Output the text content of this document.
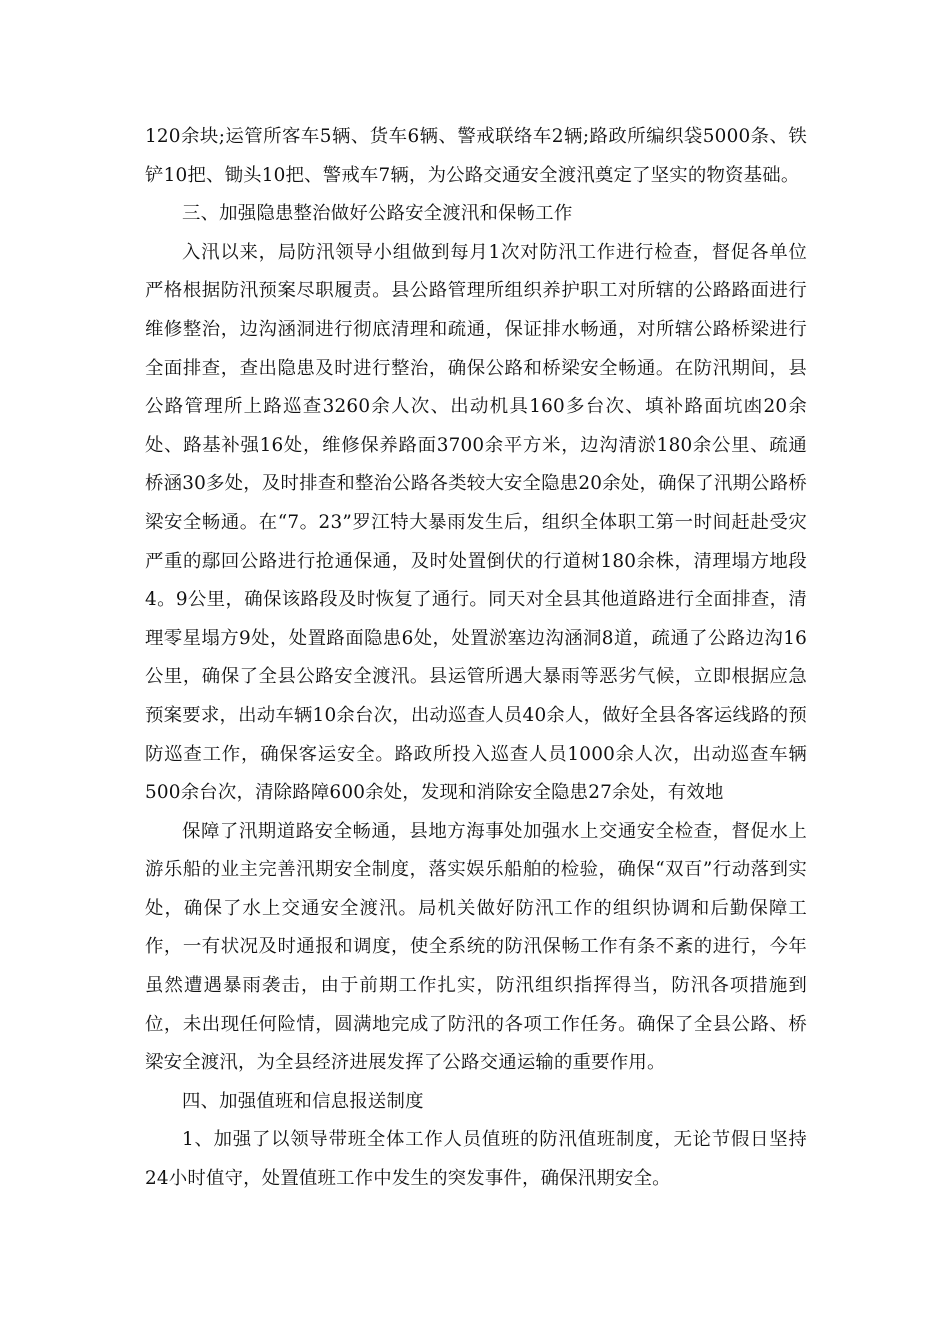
120余块;运管所客车5辆、货车6辆、警戒联络车2辆;路政所编织袋5000条、铁铲10把、锄头10把、警戒车7辆，为公路交通安全渡汛奠定了坚实的物资基础。

三、加强隐患整治做好公路安全渡汛和保畅工作

入汛以来，局防汛领导小组做到每月1次对防汛工作进行检查，督促各单位严格根据防汛预案尽职履责。县公路管理所组织养护职工对所辖的公路路面进行维修整治，边沟涵洞进行彻底清理和疏通，保证排水畅通，对所辖公路桥梁进行全面排查，查出隐患及时进行整治，确保公路和桥梁安全畅通。在防汛期间，县公路管理所上路巡查3260余人次、出动机具160多台次、填补路面坑凼20余处、路基补强16处，维修保养路面3700余平方米，边沟清淤180余公里、疏通桥涵30多处，及时排查和整治公路各类较大安全隐患20余处，确保了汛期公路桥梁安全畅通。在“7。23”罗江特大暴雨发生后，组织全体职工第一时间赶赴受灾严重的鄢回公路进行抢通保通，及时处置倒伏的行道树180余株，清理塌方地段4。9公里，确保该路段及时恢复了通行。同天对全县其他道路进行全面排查，清理零星塌方9处，处置路面隐患6处，处置淤塞边沟涵洞8道，疏通了公路边沟16公里，确保了全县公路安全渡汛。县运管所遇大暴雨等恶劣气候，立即根据应急预案要求，出动车辆10余台次，出动巡查人员40余人，做好全县各客运线路的预防巡查工作，确保客运安全。路政所投入巡查人员1000余人次，出动巡查车辆500余台次，清除路障600余处，发现和消除安全隐患27余处，有效地

保障了汛期道路安全畅通，县地方海事处加强水上交通安全检查，督促水上游乐船的业主完善汛期安全制度，落实娱乐船舶的检验，确保“双百”行动落到实处，确保了水上交通安全渡汛。局机关做好防汛工作的组织协调和后勤保障工作，一有状况及时通报和调度，使全系统的防汛保畅工作有条不紊的进行，今年虽然遭遇暴雨袭击，由于前期工作扎实，防汛组织指挥得当，防汛各项措施到位，未出现任何险情，圆满地完成了防汛的各项工作任务。确保了全县公路、桥梁安全渡汛，为全县经济进展发挥了公路交通运输的重要作用。

四、加强值班和信息报送制度

1、加强了以领导带班全体工作人员值班的防汛值班制度，无论节假日坚持24小时值守，处置值班工作中发生的突发事件，确保汛期安全。
